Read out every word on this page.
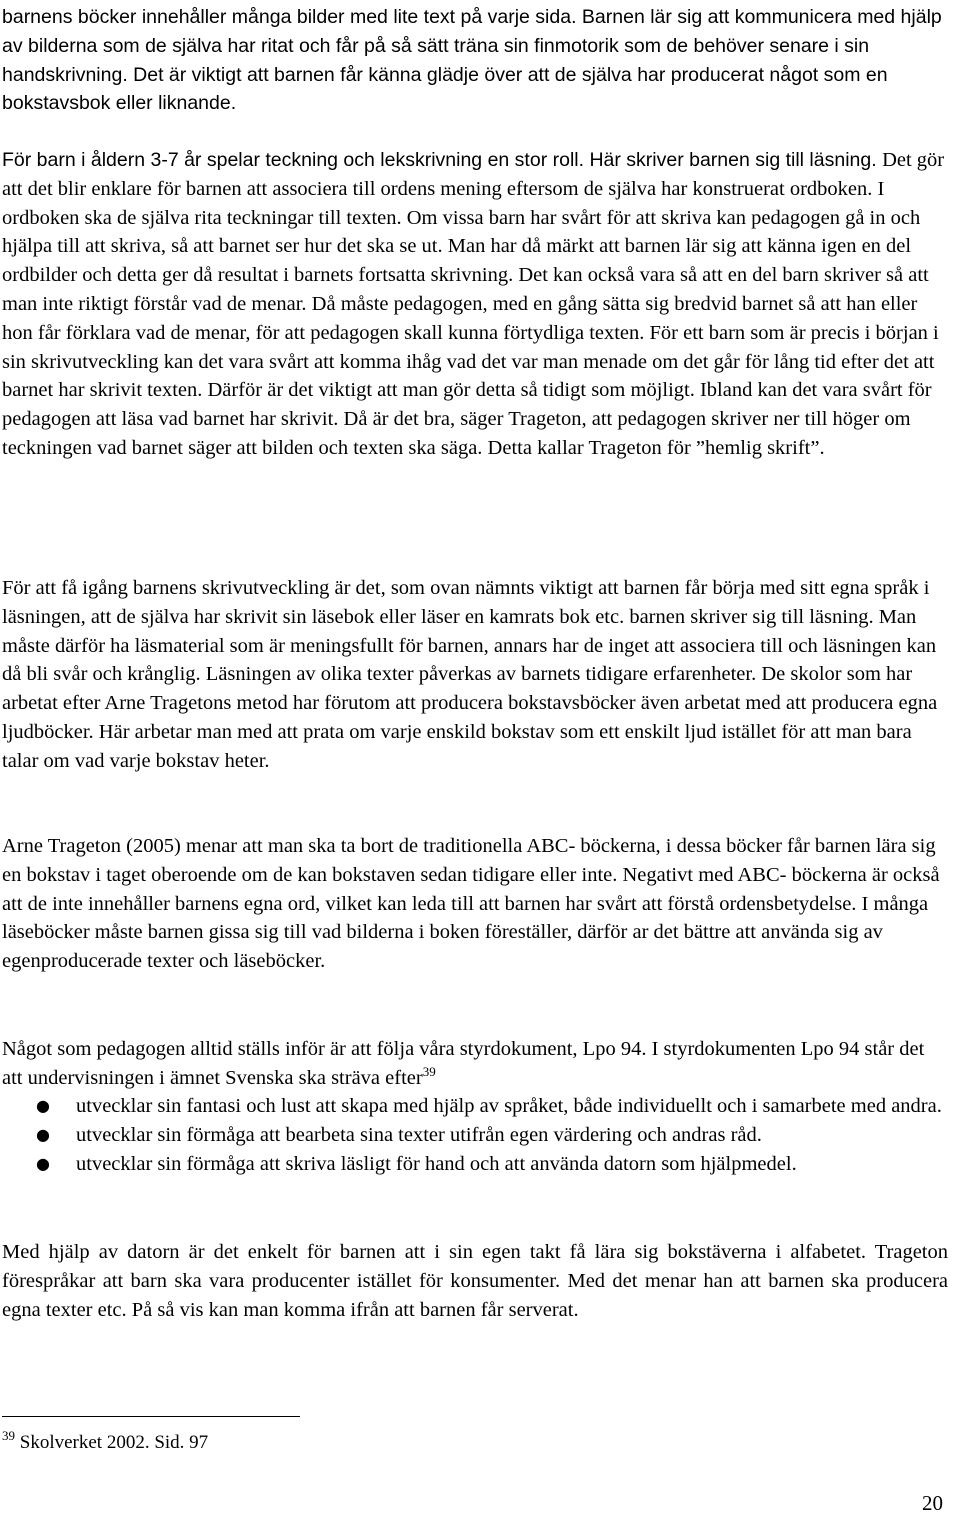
barnens böcker innehåller många bilder med lite text på varje sida. Barnen lär sig att kommunicera med hjälp av bilderna som de själva har ritat och får på så sätt träna sin finmotorik som de behöver senare i sin handskrivning. Det är viktigt att barnen får känna glädje över att de själva har producerat något som en bokstavsbok eller liknande.

För barn i åldern 3-7 år spelar teckning och lekskrivning en stor roll. Här skriver barnen sig till läsning. Det gör att det blir enklare för barnen att associera till ordens mening eftersom de själva har konstruerat ordboken. I ordboken ska de själva rita teckningar till texten. Om vissa barn har svårt för att skriva kan pedagogen gå in och hjälpa till att skriva, så att barnet ser hur det ska se ut. Man har då märkt att barnen lär sig att känna igen en del ordbilder och detta ger då resultat i barnets fortsatta skrivning. Det kan också vara så att en del barn skriver så att man inte riktigt förstår vad de menar. Då måste pedagogen, med en gång sätta sig bredvid barnet så att han eller hon får förklara vad de menar, för att pedagogen skall kunna förtydliga texten. För ett barn som är precis i början i sin skrivutveckling kan det vara svårt att komma ihåg vad det var man menade om det går för lång tid efter det att barnet har skrivit texten. Därför är det viktigt att man gör detta så tidigt som möjligt. Ibland kan det vara svårt för pedagogen att läsa vad barnet har skrivit. Då är det bra, säger Trageton, att pedagogen skriver ner till höger om teckningen vad barnet säger att bilden och texten ska säga. Detta kallar Trageton för ”hemlig skrift”.

För att få igång barnens skrivutveckling är det, som ovan nämnts viktigt att barnen får börja med sitt egna språk i läsningen, att de själva har skrivit sin läsebok eller läser en kamrats bok etc. barnen skriver sig till läsning. Man måste därför ha läsmaterial som är meningsfullt för barnen, annars har de inget att associera till och läsningen kan då bli svår och krånglig. Läsningen av olika texter påverkas av barnets tidigare erfarenheter. De skolor som har arbetat efter Arne Tragetons metod har förutom att producera bokstavsböcker även arbetat med att producera egna ljudböcker. Här arbetar man med att prata om varje enskild bokstav som ett enskilt ljud istället för att man bara talar om vad varje bokstav heter.

Arne Trageton (2005) menar att man ska ta bort de traditionella ABC- böckerna, i dessa böcker får barnen lära sig en bokstav i taget oberoende om de kan bokstaven sedan tidigare eller inte. Negativt med ABC- böckerna är också att de inte innehåller barnens egna ord, vilket kan leda till att barnen har svårt att förstå ordensbetydelse. I många läseböcker måste barnen gissa sig till vad bilderna i boken föreställer, därför ar det bättre att använda sig av egenproducerade texter och läseböcker.

Något som pedagogen alltid ställs inför är att följa våra styrdokument, Lpo 94. I styrdokumenten Lpo 94 står det att undervisningen i ämnet Svenska ska sträva efter$^{39}$

● utvecklar sin fantasi och lust att skapa med hjälp av språket, både individuellt och i samarbete med andra.
● utvecklar sin förmåga att bearbeta sina texter utifrån egen värdering och andras råd.
● utvecklar sin förmåga att skriva läsligt för hand och att använda datorn som hjälpmedel.

Med hjälp av datorn är det enkelt för barnen att i sin egen takt få lära sig bokstäverna i alfabetet. Trageton förespråkar att barn ska vara producenter istället för konsumenter. Med det menar han att barnen ska producera egna texter etc. På så vis kan man komma ifrån att barnen får serverat.

$^{39}$ Skolverket 2002. Sid. 97
20
